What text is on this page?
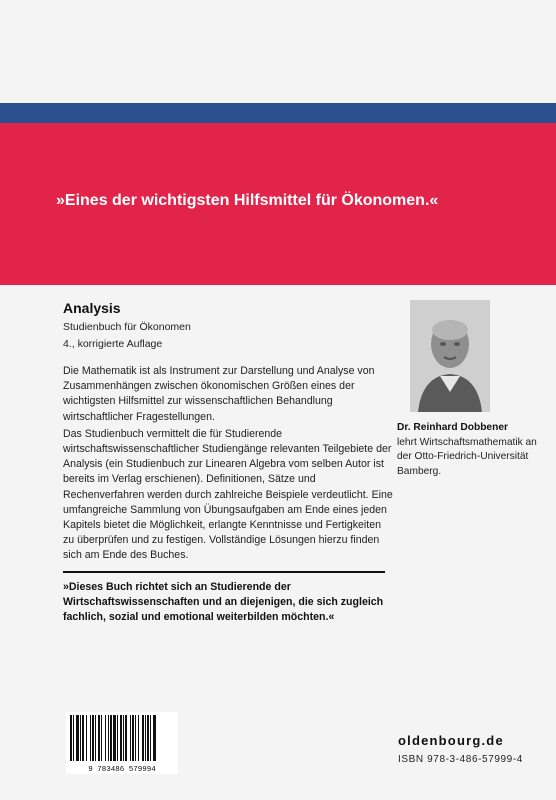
»Eines der wichtigsten Hilfsmittel für Ökonomen.«
Analysis
Studienbuch für Ökonomen
4., korrigierte Auflage

Die Mathematik ist als Instrument zur Darstellung und Analyse von Zusammenhängen zwischen ökonomischen Größen eines der wichtigsten Hilfsmittel zur wissenschaftlichen Behandlung wirtschaftlicher Fragestellungen.

Das Studienbuch vermittelt die für Studierende wirtschaftswissenschaftlicher Studiengänge relevanten Teilgebiete der Analysis (ein Studienbuch zur Linearen Algebra vom selben Autor ist bereits im Verlag erschienen). Definitionen, Sätze und Rechenverfahren werden durch zahlreiche Beispiele verdeutlicht. Eine umfangreiche Sammlung von Übungsaufgaben am Ende eines jeden Kapitels bietet die Möglichkeit, erlangte Kenntnisse und Fertigkeiten zu überprüfen und zu festigen. Vollständige Lösungen hierzu finden sich am Ende des Buches.

»Dieses Buch richtet sich an Studierende der Wirtschaftswissenschaften und an diejenigen, die sich zugleich fachlich, sozial und emotional weiterbilden möchten.«
Dr. Reinhard Dobbener
lehrt Wirtschaftsmathematik an der Otto-Friedrich-Universität Bamberg.
9 783486 579994
oldenbourg.de
ISBN 978-3-486-57999-4
